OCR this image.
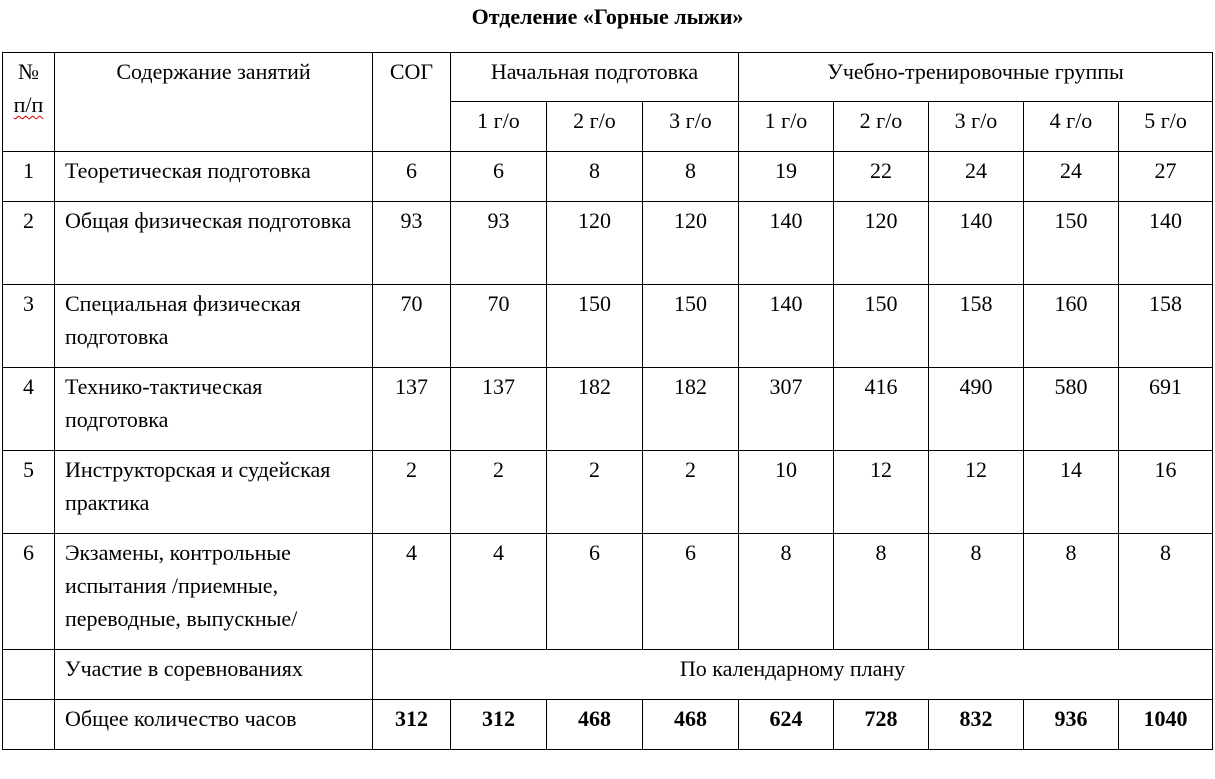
Отделение «Горные лыжи»
№
п/п	Содержание занятий	СОГ	Начальная подготовка			Учебно-тренировочные группы				
			1 г/о	2 г/о	3 г/о	1 г/о	2 г/о	3 г/о	4 г/о	5 г/о
1	Теоретическая подготовка	6	6	8	8	19	22	24	24	27
2	Общая физическая подготовка	93	93	120	120	140	120	140	150	140
3	Специальная физическая подготовка	70	70	150	150	140	150	158	160	158
4	Технико-тактическая подготовка	137	137	182	182	307	416	490	580	691
5	Инструкторская и судейская практика	2	2	2	2	10	12	12	14	16
6	Экзамены, контрольные испытания /приемные, переводные, выпускные/	4	4	6	6	8	8	8	8	8
	Участие в соревнованиях	По календарному плану								
	Общее количество часов	312	312	468	468	624	728	832	936	1040
